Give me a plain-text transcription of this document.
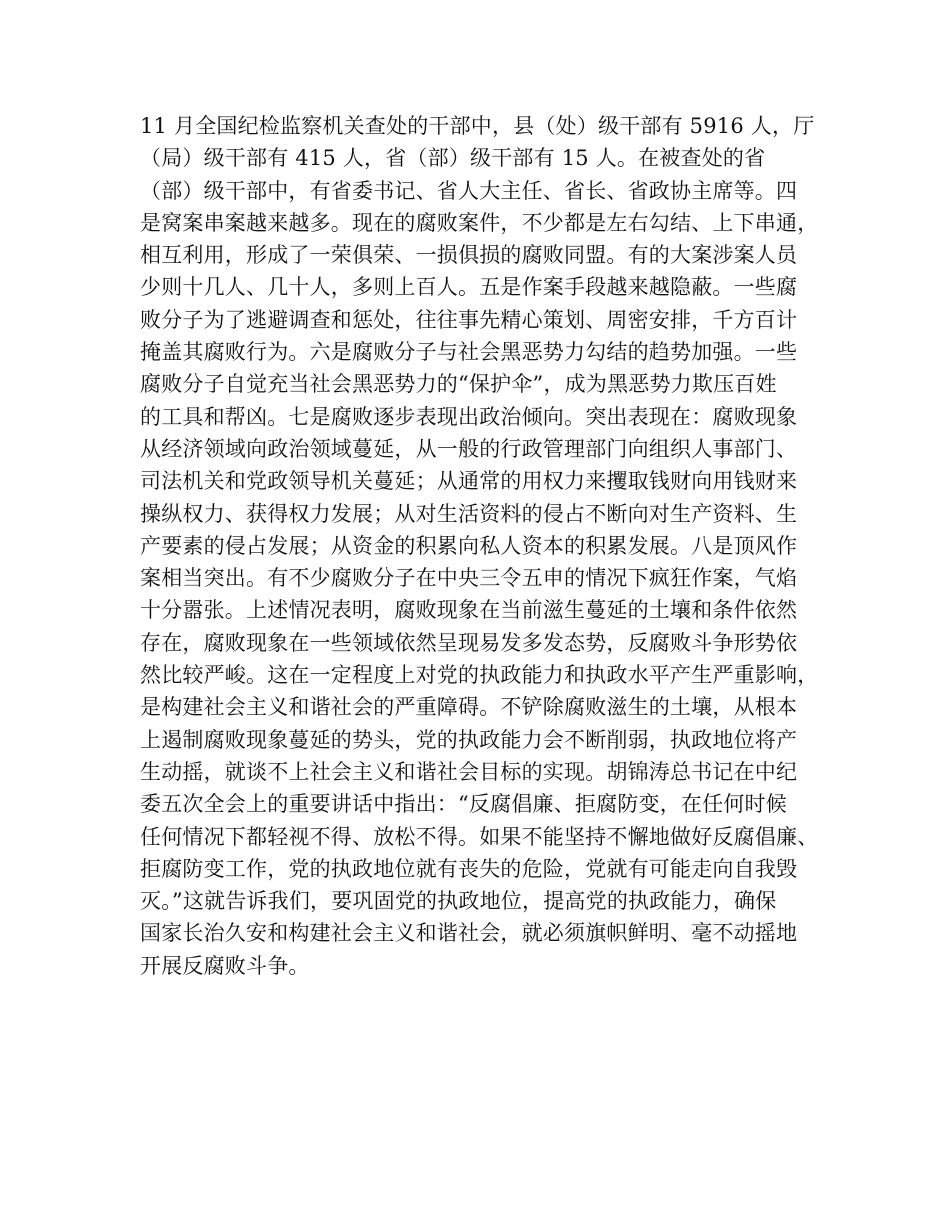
11 月全国纪检监察机关查处的干部中，县（处）级干部有 5916 人，厅
（局）级干部有 415 人，省（部）级干部有 15 人。在被查处的省
（部）级干部中，有省委书记、省人大主任、省长、省政协主席等。四
是窝案串案越来越多。现在的腐败案件，不少都是左右勾结、上下串通，
相互利用，形成了一荣俱荣、一损俱损的腐败同盟。有的大案涉案人员
少则十几人、几十人，多则上百人。五是作案手段越来越隐蔽。一些腐
败分子为了逃避调查和惩处，往往事先精心策划、周密安排，千方百计
掩盖其腐败行为。六是腐败分子与社会黑恶势力勾结的趋势加强。一些
腐败分子自觉充当社会黑恶势力的“保护伞”，成为黑恶势力欺压百姓
的工具和帮凶。七是腐败逐步表现出政治倾向。突出表现在：腐败现象
从经济领域向政治领域蔓延，从一般的行政管理部门向组织人事部门、
司法机关和党政领导机关蔓延；从通常的用权力来攫取钱财向用钱财来
操纵权力、获得权力发展；从对生活资料的侵占不断向对生产资料、生
产要素的侵占发展；从资金的积累向私人资本的积累发展。八是顶风作
案相当突出。有不少腐败分子在中央三令五申的情况下疯狂作案，气焰
十分嚣张。上述情况表明，腐败现象在当前滋生蔓延的土壤和条件依然
存在，腐败现象在一些领域依然呈现易发多发态势，反腐败斗争形势依
然比较严峻。这在一定程度上对党的执政能力和执政水平产生严重影响，
是构建社会主义和谐社会的严重障碍。不铲除腐败滋生的土壤，从根本
上遏制腐败现象蔓延的势头，党的执政能力会不断削弱，执政地位将产
生动摇，就谈不上社会主义和谐社会目标的实现。胡锦涛总书记在中纪
委五次全会上的重要讲话中指出：“反腐倡廉、拒腐防变，在任何时候
任何情况下都轻视不得、放松不得。如果不能坚持不懈地做好反腐倡廉、
拒腐防变工作，党的执政地位就有丧失的危险，党就有可能走向自我毁
灭。”这就告诉我们，要巩固党的执政地位，提高党的执政能力，确保
国家长治久安和构建社会主义和谐社会，就必须旗帜鲜明、毫不动摇地
开展反腐败斗争。
